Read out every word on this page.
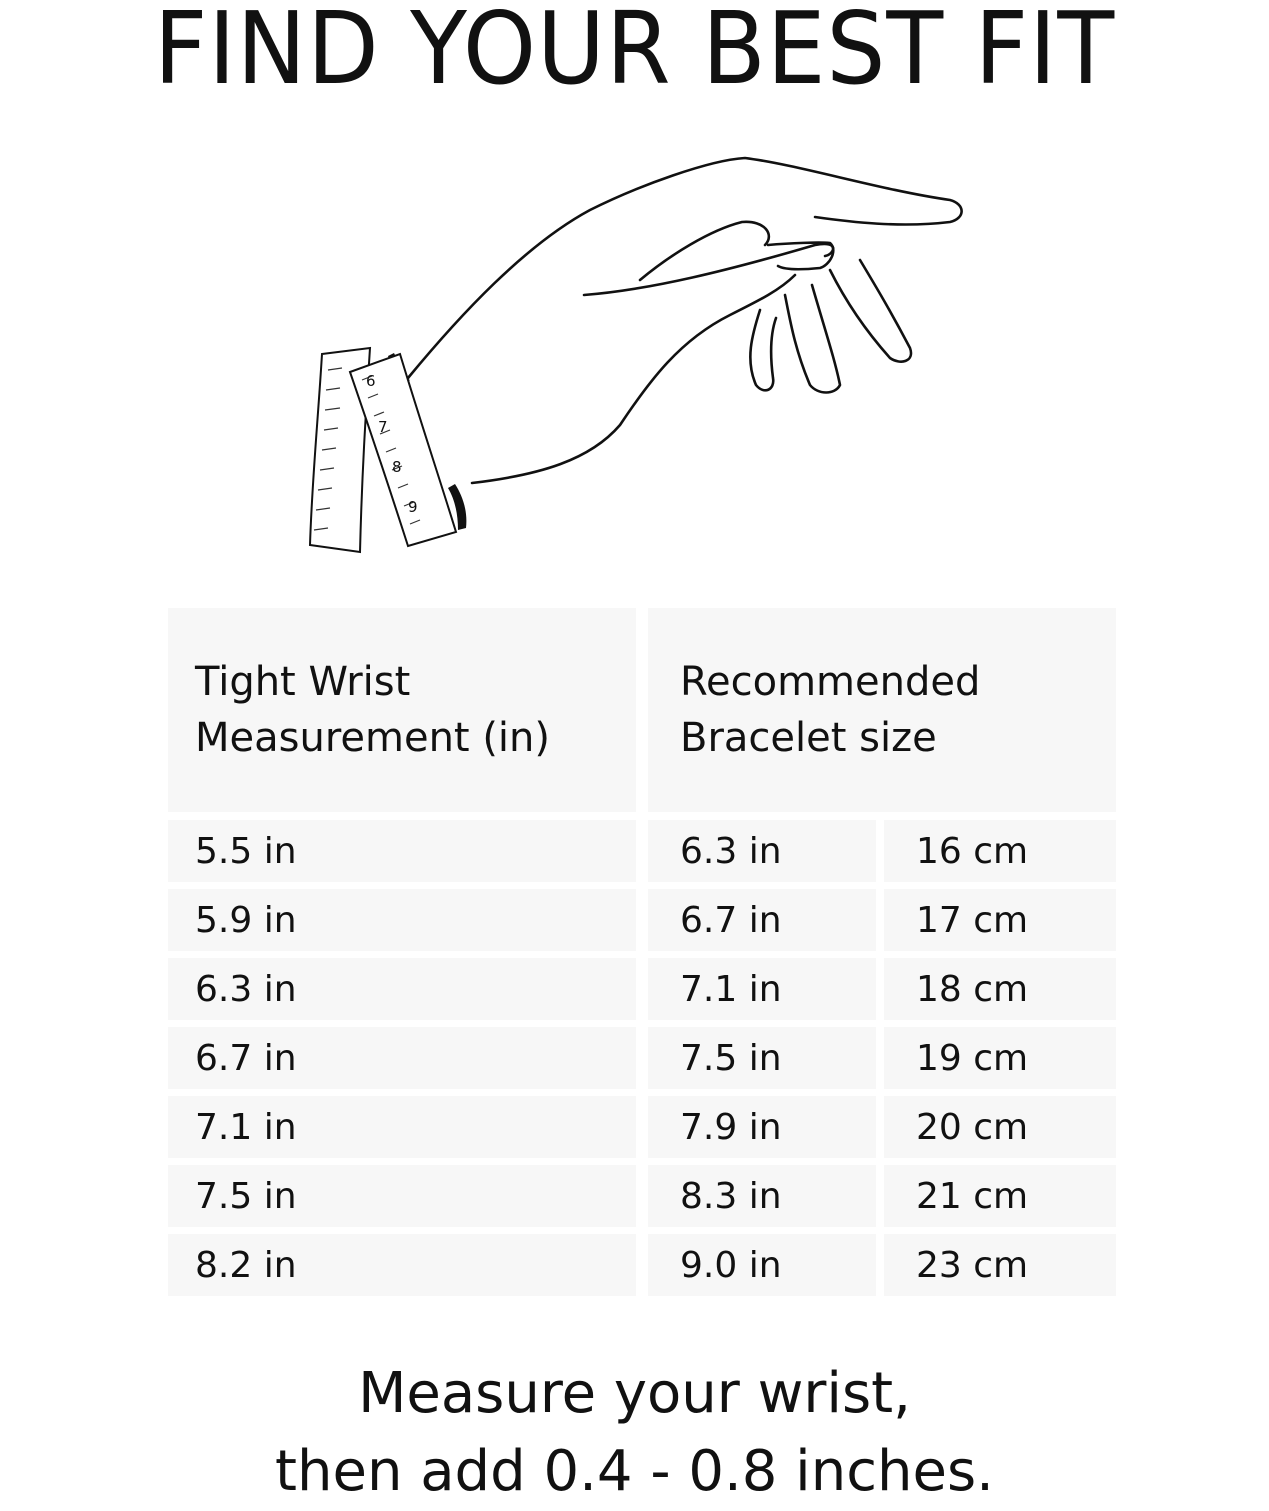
FIND YOUR BEST FIT
6
7
8
9
Tight Wrist
Measurement (in)
Recommended
Bracelet size
5.5 in	6.3 in	16 cm
5.9 in	6.7 in	17 cm
6.3 in	7.1 in	18 cm
6.7 in	7.5 in	19 cm
7.1 in	7.9 in	20 cm
7.5 in	8.3 in	21 cm
8.2 in	9.0 in	23 cm
Measure your wrist,
then add 0.4 - 0.8 inches.
